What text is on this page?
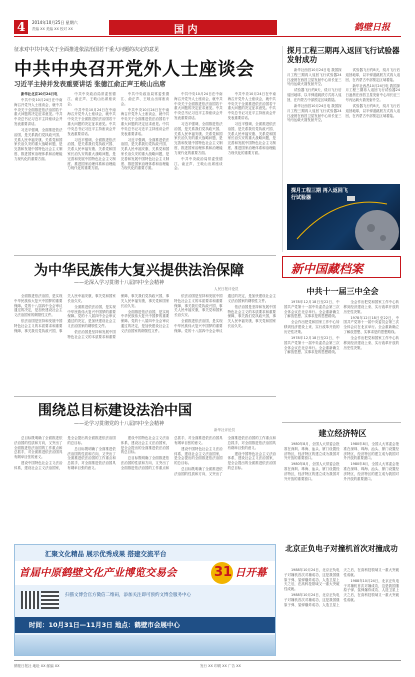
4 2014年10月25日 星期六
责编 XX 美编 XX 校对 XX	国 内	鹤壁日报
征求对中共中央关于全面推进依法治国若干重大问题的决定的意见
中共中央召开党外人士座谈会
习近平主持并发表重要讲话 张德江俞正声王岐山出席

新华社北京10月24日电

中共中央10月24日在中南海召开党外人士座谈会，就中共中央关于全面推进依法治国若干重大问题的决定征求意见。中共中央总书记习近平主持座谈会并发表重要讲话。

习近平强调，全面推进依法治国，是关系我们党执政兴国、关系人民幸福安康、关系党和国家长治久安的重大战略问题，是完善和发展中国特色社会主义制度、推进国家治理体系和治理能力现代化的重要方面。

中共中央政治局常委张德江、俞正声、王岐山出席座谈会。

中共中央10月24日在中南海召开党外人士座谈会，就中共中央关于全面推进依法治国若干重大问题的决定征求意见。中共中央总书记习近平主持座谈会并发表重要讲话。

习近平强调，全面推进依法治国，是关系我们党执政兴国、关系人民幸福安康、关系党和国家长治久安的重大战略问题，是完善和发展中国特色社会主义制度、推进国家治理体系和治理能力现代化的重要方面。

中共中央政治局常委张德江、俞正声、王岐山出席座谈会。

中共中央10月24日在中南海召开党外人士座谈会，就中共中央关于全面推进依法治国若干重大问题的决定征求意见。中共中央总书记习近平主持座谈会并发表重要讲话。

习近平强调，全面推进依法治国，是关系我们党执政兴国、关系人民幸福安康、关系党和国家长治久安的重大战略问题，是完善和发展中国特色社会主义制度、推进国家治理体系和治理能力现代化的重要方面。

中共中央10月24日在中南海召开党外人士座谈会，就中共中央关于全面推进依法治国若干重大问题的决定征求意见。中共中央总书记习近平主持座谈会并发表重要讲话。

习近平强调，全面推进依法治国，是关系我们党执政兴国、关系人民幸福安康、关系党和国家长治久安的重大战略问题，是完善和发展中国特色社会主义制度、推进国家治理体系和治理能力现代化的重要方面。

中共中央政治局常委张德江、俞正声、王岐山出席座谈会。

中共中央10月24日在中南海召开党外人士座谈会，就中共中央关于全面推进依法治国若干重大问题的决定征求意见。中共中央总书记习近平主持座谈会并发表重要讲话。

习近平强调，全面推进依法治国，是关系我们党执政兴国、关系人民幸福安康、关系党和国家长治久安的重大战略问题，是完善和发展中国特色社会主义制度、推进国家治理体系和治理能力现代化的重要方面。

探月工程三期再入返回飞行试验器发射成功

新华社西昌10月24日电 我国探月工程三期再入返回飞行试验器24日凌晨在西昌卫星发射中心用长征三号丙运载火箭发射升空。

试验器飞行约8天，绕月飞行后返回地球，以半弹道跳跃方式再入返回，在内蒙古中部预定区域着陆。

新华社西昌10月24日电 我国探月工程三期再入返回飞行试验器24日凌晨在西昌卫星发射中心用长征三号丙运载火箭发射升空。

试验器飞行约8天，绕月飞行后返回地球，以半弹道跳跃方式再入返回，在内蒙古中部预定区域着陆。

新华社西昌10月24日电 我国探月工程三期再入返回飞行试验器24日凌晨在西昌卫星发射中心用长征三号丙运载火箭发射升空。

试验器飞行约8天，绕月飞行后返回地球，以半弹道跳跃方式再入返回，在内蒙古中部预定区域着陆。

探月工程三期 再入返回飞行试验器
为中华民族伟大复兴提供法治保障
——论深入学习贯彻十八届四中全会精神
人民日报评论员

全面推进依法治国，是实现中华民族伟大复兴中国梦的重要保障。党的十八届四中全会审议通过的决定，是加快建设社会主义法治国家的纲领性文件。

依法治国是坚持和发展中国特色社会主义的本质要求和重要保障，事关我们党执政兴国，事关人民幸福安康，事关党和国家长治久安。

全面推进依法治国，是实现中华民族伟大复兴中国梦的重要保障。党的十八届四中全会审议通过的决定，是加快建设社会主义法治国家的纲领性文件。

依法治国是坚持和发展中国特色社会主义的本质要求和重要保障，事关我们党执政兴国，事关人民幸福安康，事关党和国家长治久安。

全面推进依法治国，是实现中华民族伟大复兴中国梦的重要保障。党的十八届四中全会审议通过的决定，是加快建设社会主义法治国家的纲领性文件。

依法治国是坚持和发展中国特色社会主义的本质要求和重要保障，事关我们党执政兴国，事关人民幸福安康，事关党和国家长治久安。

全面推进依法治国，是实现中华民族伟大复兴中国梦的重要保障。党的十八届四中全会审议通过的决定，是加快建设社会主义法治国家的纲领性文件。

依法治国是坚持和发展中国特色社会主义的本质要求和重要保障，事关我们党执政兴国，事关人民幸福安康，事关党和国家长治久安。

新中国藏档案
中共十一届三中全会

1978年12月18日至22日，中国共产党第十一届中央委员会第三次全体会议在北京举行。全会重新确立了解放思想、实事求是的思想路线。

全会作出把党和国家工作中心转移到经济建设上来、实行改革开放的历史性决策。

1978年12月18日至22日，中国共产党第十一届中央委员会第三次全体会议在北京举行。全会重新确立了解放思想、实事求是的思想路线。

全会作出把党和国家工作中心转移到经济建设上来、实行改革开放的历史性决策。

1978年12月18日至22日，中国共产党第十一届中央委员会第三次全体会议在北京举行。全会重新确立了解放思想、实事求是的思想路线。

全会作出把党和国家工作中心转移到经济建设上来、实行改革开放的历史性决策。

建立经济特区

1980年8月，全国人大常委会批准在深圳、珠海、汕头、厦门设置经济特区，经济特区的建立成为我国对外开放的重要窗口。

1980年8月，全国人大常委会批准在深圳、珠海、汕头、厦门设置经济特区，经济特区的建立成为我国对外开放的重要窗口。

1980年8月，全国人大常委会批准在深圳、珠海、汕头、厦门设置经济特区，经济特区的建立成为我国对外开放的重要窗口。

1980年8月，全国人大常委会批准在深圳、珠海、汕头、厦门设置经济特区，经济特区的建立成为我国对外开放的重要窗口。

围绕总目标建设法治中国
——论学习贯彻党的十八届四中全会精神
新华社评论员

总目标既明确了全面推进依法治国的性质和方向，又突出了全面推进依法治国的工作重点和总抓手，对全面推进依法治国具有纲举目张的意义。

建设中国特色社会主义法治体系，建设社会主义法治国家，是全会提出的全面推进依法治国的总目标。

总目标既明确了全面推进依法治国的性质和方向，又突出了全面推进依法治国的工作重点和总抓手，对全面推进依法治国具有纲举目张的意义。

建设中国特色社会主义法治体系，建设社会主义法治国家，是全会提出的全面推进依法治国的总目标。

总目标既明确了全面推进依法治国的性质和方向，又突出了全面推进依法治国的工作重点和总抓手，对全面推进依法治国具有纲举目张的意义。

建设中国特色社会主义法治体系，建设社会主义法治国家，是全会提出的全面推进依法治国的总目标。

总目标既明确了全面推进依法治国的性质和方向，又突出了全面推进依法治国的工作重点和总抓手，对全面推进依法治国具有纲举目张的意义。

建设中国特色社会主义法治体系，建设社会主义法治国家，是全会提出的全面推进依法治国的总目标。

汇聚文化精品 展示优秀成果 搭建交流平台
首届中原鹤壁文化产业博览交易会	31 日开幕
扫描文博会官方微信二维码，添加关注即可预约文博会服务中心
时间：10月31日—11月3日 地点：鹤壁市会展中心
北京正负电子对撞机首次对撞成功

1988年10月24日，北京正负电子对撞机首次对撞成功，这是我国继原子弹、氢弹爆炸成功、人造卫星上天之后，在高科技领域又一重大突破性成就。

1988年10月24日，北京正负电子对撞机首次对撞成功，这是我国继原子弹、氢弹爆炸成功、人造卫星上天之后，在高科技领域又一重大突破性成就。

1988年10月24日，北京正负电子对撞机首次对撞成功，这是我国继原子弹、氢弹爆炸成功、人造卫星上天之后，在高科技领域又一重大突破性成就。

鹤壁日报社 地址 XX 邮编 XX	发行 XX 印刷 XX 广告 XX
